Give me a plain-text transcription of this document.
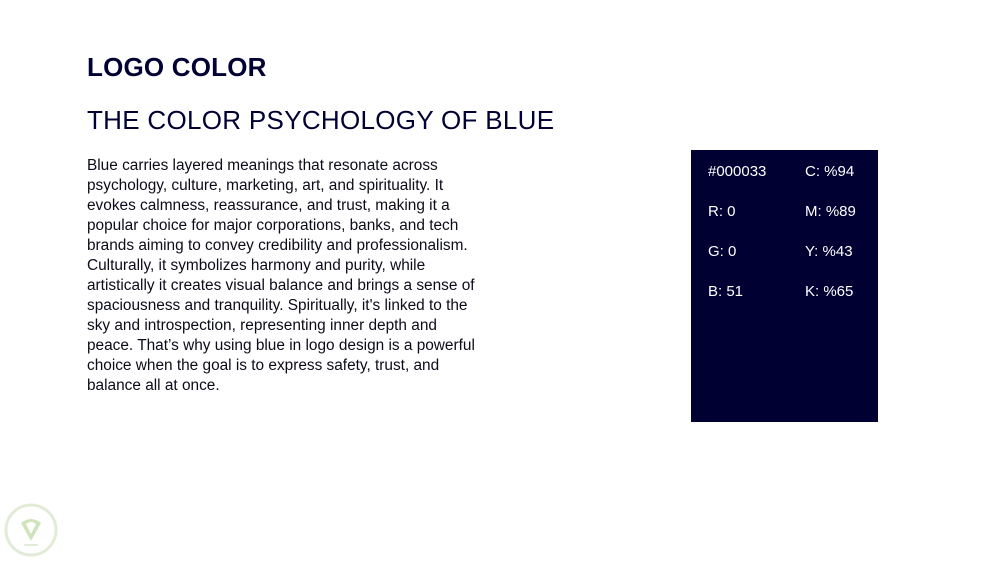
LOGO COLOR
THE COLOR PSYCHOLOGY OF BLUE

Blue carries layered meanings that resonate across psychology, culture, marketing, art, and spirituality. It evokes calmness, reassurance, and trust, making it a popular choice for major corporations, banks, and tech brands aiming to convey credibility and professionalism. Culturally, it symbolizes harmony and purity, while artistically it creates visual balance and brings a sense of spaciousness and tranquility. Spiritually, it's linked to the sky and introspection, representing inner depth and peace. That’s why using blue in logo design is a powerful choice when the goal is to express safety, trust, and balance all at once.

#000033	C: %94
R: 0	M: %89
G: 0	Y: %43
B: 51	K: %65
